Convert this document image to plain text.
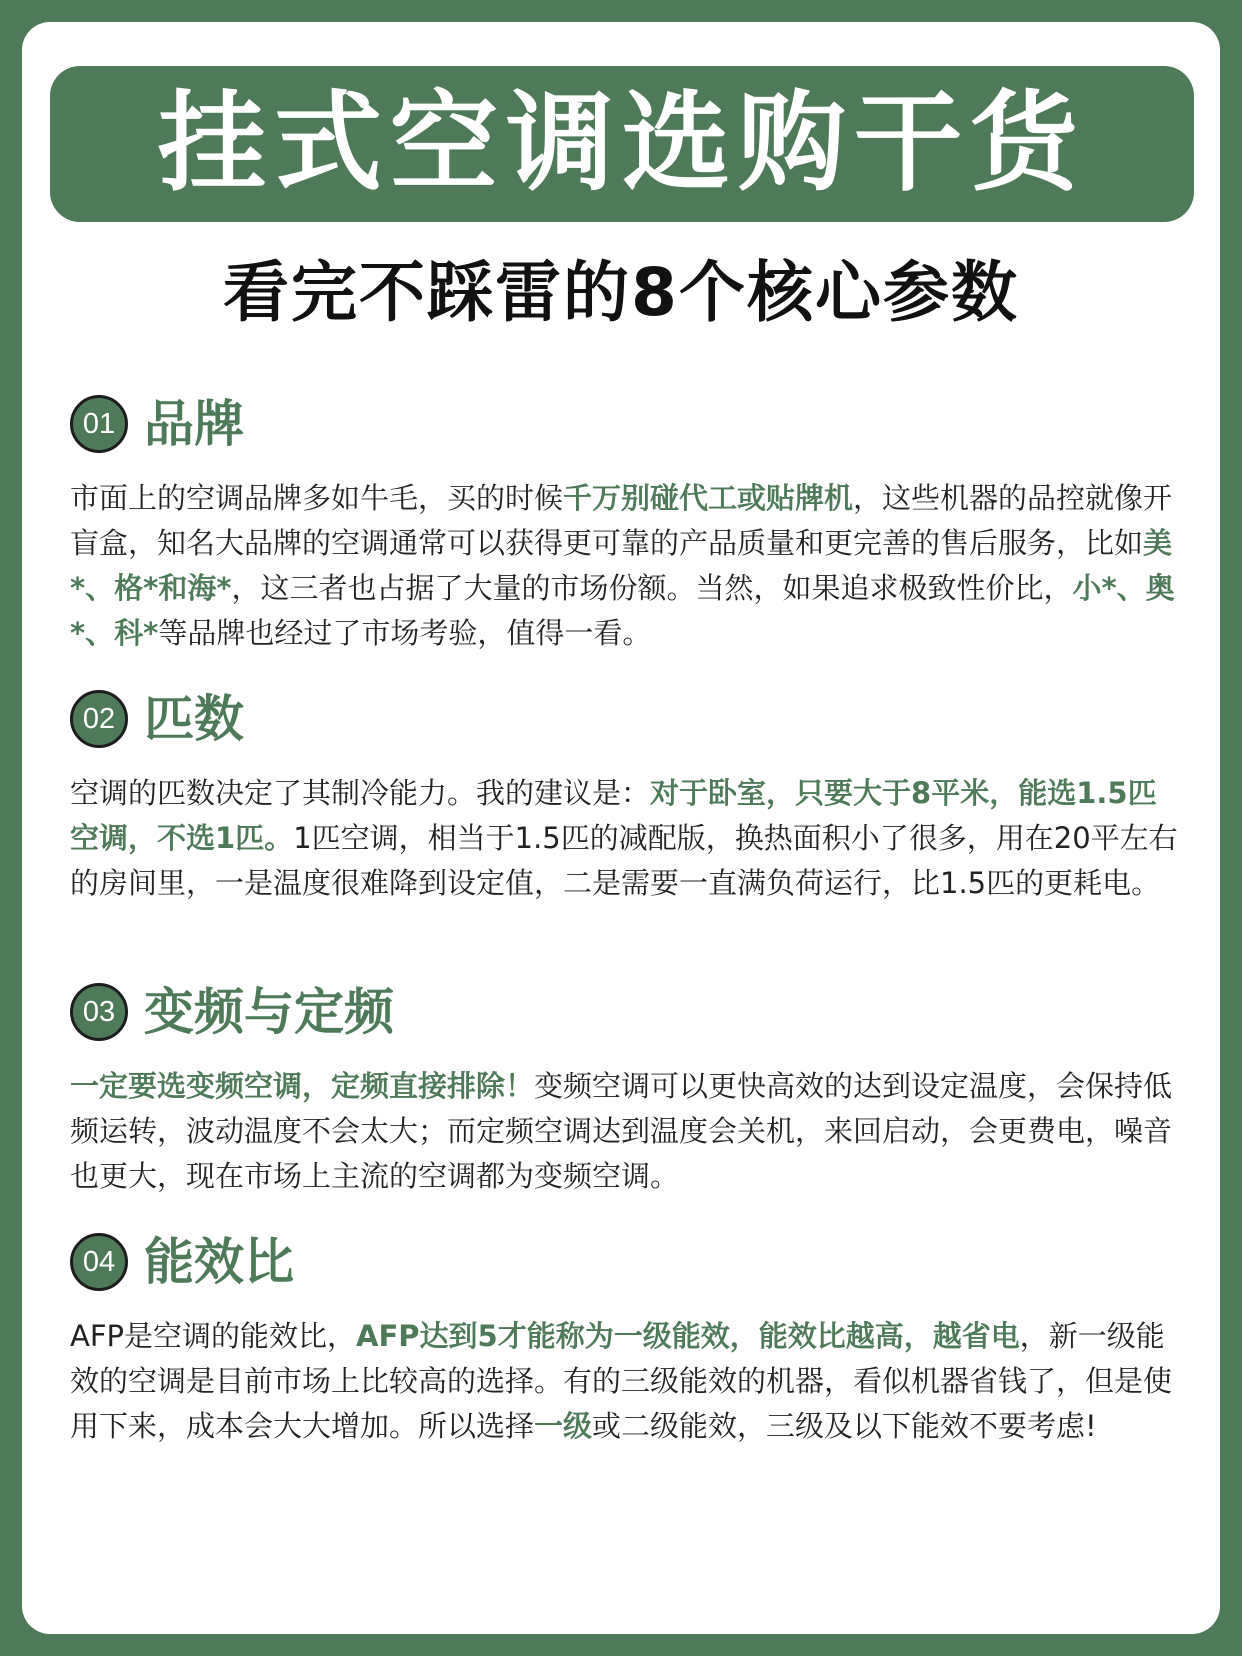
挂式空调选购干货
看完不踩雷的8个核心参数
01 品牌
市面上的空调品牌多如牛毛，买的时候千万别碰代工或贴牌机，这些机器的品控就像开盲盒，知名大品牌的空调通常可以获得更可靠的产品质量和更完善的售后服务，比如美*、格*和海*，这三者也占据了大量的市场份额。当然，如果追求极致性价比，小*、奥*、科*等品牌也经过了市场考验，值得一看。
02 匹数
空调的匹数决定了其制冷能力。我的建议是：对于卧室，只要大于8平米，能选1.5匹空调，不选1匹。1匹空调，相当于1.5匹的减配版，换热面积小了很多，用在20平左右的房间里，一是温度很难降到设定值，二是需要一直满负荷运行，比1.5匹的更耗电。
03 变频与定频
一定要选变频空调，定频直接排除！变频空调可以更快高效的达到设定温度，会保持低频运转，波动温度不会太大；而定频空调达到温度会关机，来回启动，会更费电，噪音也更大，现在市场上主流的空调都为变频空调。
04 能效比
AFP是空调的能效比，AFP达到5才能称为一级能效，能效比越高，越省电，新一级能效的空调是目前市场上比较高的选择。有的三级能效的机器，看似机器省钱了，但是使用下来，成本会大大增加。所以选择一级或二级能效，三级及以下能效不要考虑!
